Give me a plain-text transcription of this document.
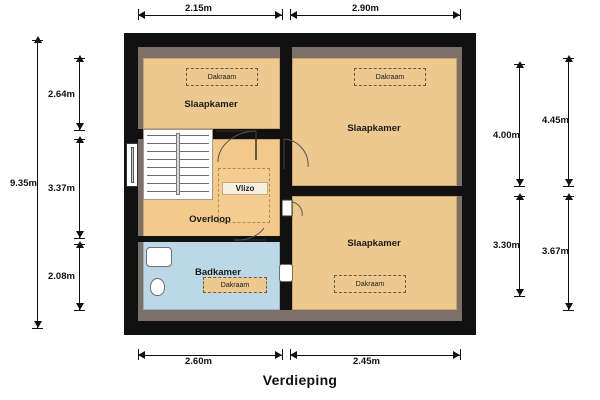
Vlizo
Dakraam	Dakraam
Dakraam
Dakraam
Slaapkamer
Slaapkamer
Slaapkamer
Overloop
Badkamer
2.15m	2.90m
2.60m	2.45m
9.35m
2.64m
3.37m
2.08m
4.00m
3.30m
4.45m
3.67m
Verdieping
